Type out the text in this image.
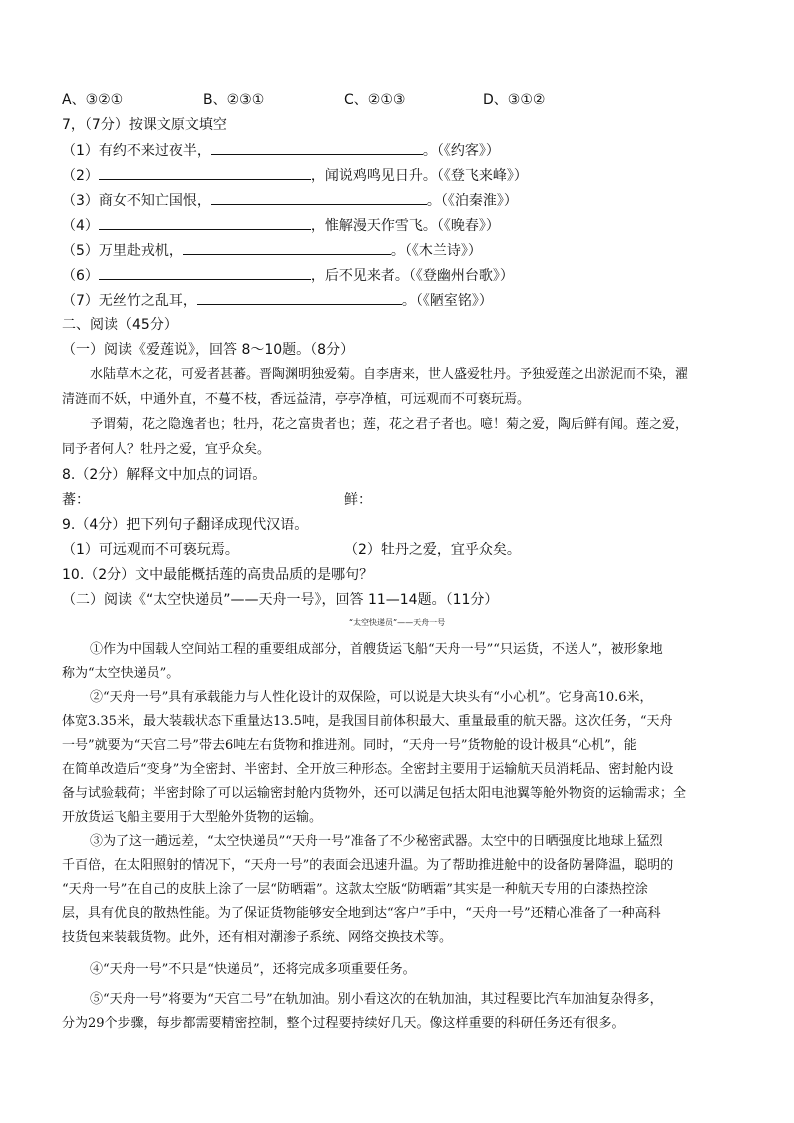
A、③②①	B、②③①	C、②①③	D、③①②
7，（7分）按课文原文填空
（1）有约不来过夜半，	。（《约客》）
（2）	，闻说鸡鸣见日升。（《登飞来峰》）
（3）商女不知亡国恨，	。（《泊秦淮》）
（4）	，惟解漫天作雪飞。（《晚春》）
（5）万里赴戎机，	。（《木兰诗》）
（6）	，后不见来者。（《登幽州台歌》）
（7）无丝竹之乱耳，	。（《陋室铭》）
二、阅读（45分）
（一）阅读《爱莲说》，回答 8～10题。（8分）
水陆草木之花，可爱者甚蕃。晋陶渊明独爱菊。自李唐来，世人盛爱牡丹。予独爱莲之出淤泥而不染，濯
清涟而不妖，中通外直，不蔓不枝，香远益清，亭亭净植，可远观而不可亵玩焉。
予谓菊，花之隐逸者也；牡丹，花之富贵者也；莲，花之君子者也。噫！菊之爱，陶后鲜有闻。莲之爱，
同予者何人？牡丹之爱，宜乎众矣。
8.（2分）解释文中加点的词语。
蕃：	鲜：
9.（4分）把下列句子翻译成现代汉语。
（1）可远观而不可亵玩焉。	（2）牡丹之爱，宜乎众矣。
10.（2分）文中最能概括莲的高贵品质的是哪句？
（二）阅读《“太空快递员”——天舟一号》，回答 11—14题。（11分）
“太空快递员”——天舟一号
①作为中国载人空间站工程的重要组成部分，首艘货运飞船“天舟一号”“只运货，不送人”，被形象地
称为“太空快递员”。
②“天舟一号”具有承载能力与人性化设计的双保险，可以说是大块头有“小心机”。它身高10.6米，
体宽3.35米，最大装载状态下重量达13.5吨，是我国目前体积最大、重量最重的航天器。这次任务，“天舟
一号”就要为“天宫二号”带去6吨左右货物和推进剂。同时，“天舟一号”货物舱的设计极具“心机”，能
在简单改造后“变身”为全密封、半密封、全开放三种形态。全密封主要用于运输航天员消耗品、密封舱内设
备与试验载荷；半密封除了可以运输密封舱内货物外，还可以满足包括太阳电池翼等舱外物资的运输需求；全
开放货运飞船主要用于大型舱外货物的运输。
③为了这一趟远差，“太空快递员”“天舟一号”准备了不少秘密武器。太空中的日晒强度比地球上猛烈
千百倍，在太阳照射的情况下，“天舟一号”的表面会迅速升温。为了帮助推进舱中的设备防暑降温，聪明的
“天舟一号”在自己的皮肤上涂了一层“防晒霜”。这款太空版“防晒霜”其实是一种航天专用的白漆热控涂
层，具有优良的散热性能。为了保证货物能够安全地到达“客户”手中，“天舟一号”还精心准备了一种高科
技货包来装载货物。此外，还有相对潮渗子系统、网络交换技术等。
④“天舟一号”不只是“快递员”，还将完成多项重要任务。
⑤“天舟一号”将要为“天宫二号”在轨加油。别小看这次的在轨加油，其过程要比汽车加油复杂得多，
分为29个步骤，每步都需要精密控制，整个过程要持续好几天。像这样重要的科研任务还有很多。
